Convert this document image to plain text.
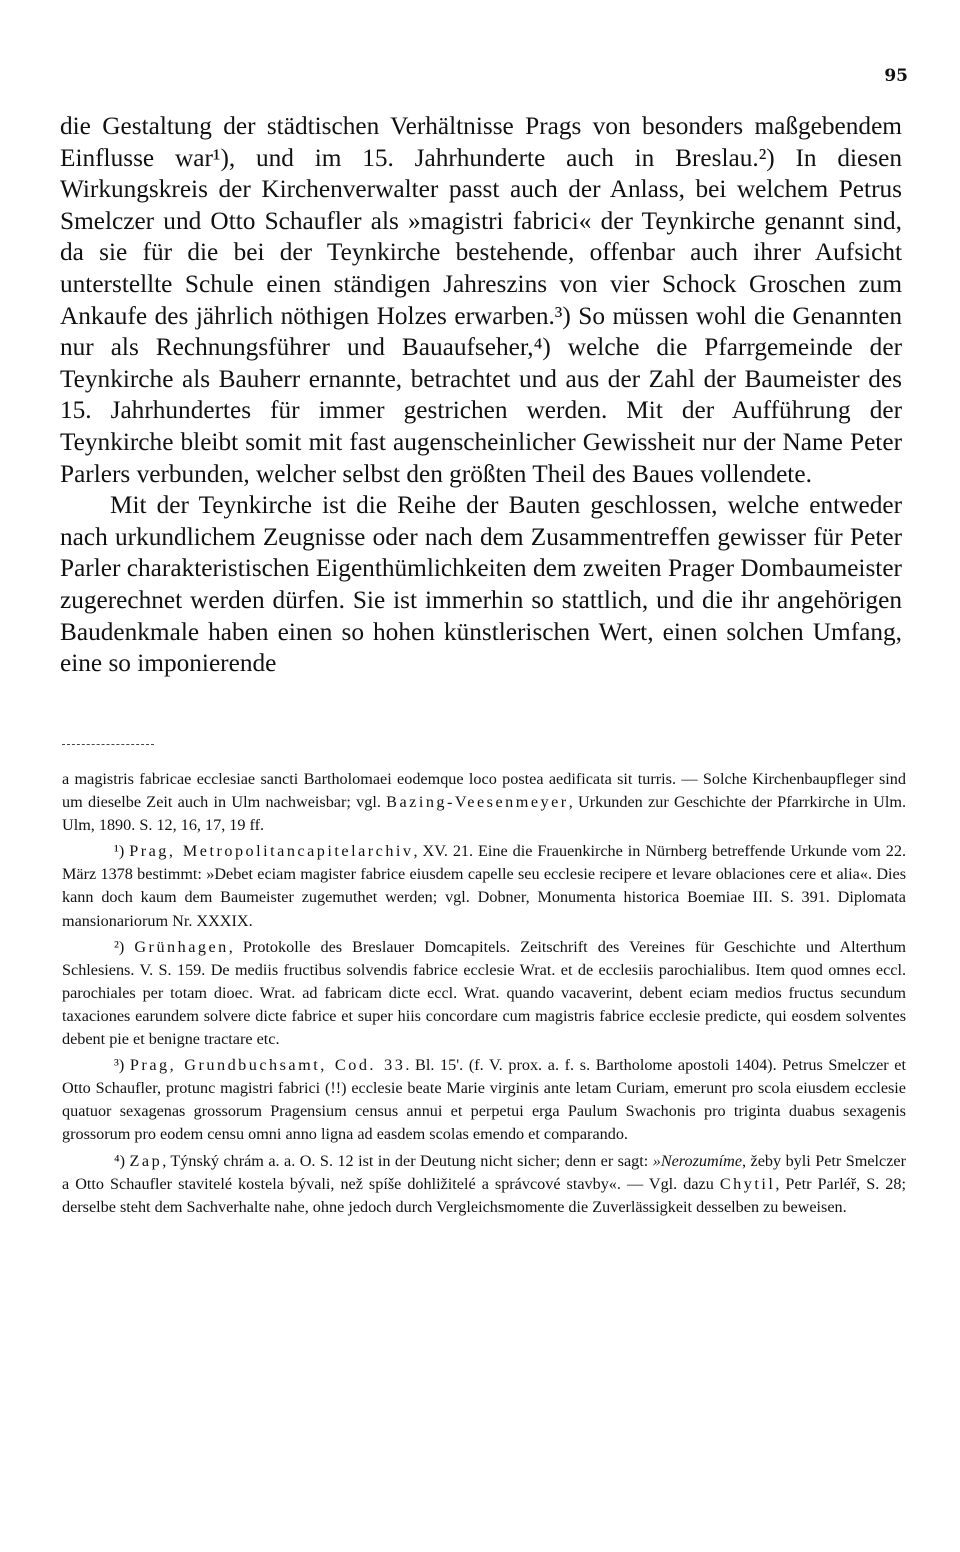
95

die Gestaltung der städtischen Verhältnisse Prags von besonders maßgebendem Einflusse war¹), und im 15. Jahrhunderte auch in Breslau.²) In diesen Wirkungskreis der Kirchenverwalter passt auch der Anlass, bei welchem Petrus Smelczer und Otto Schaufler als »magistri fabrici« der Teynkirche genannt sind, da sie für die bei der Teynkirche bestehende, offenbar auch ihrer Aufsicht unterstellte Schule einen ständigen Jahreszins von vier Schock Groschen zum Ankaufe des jährlich nöthigen Holzes erwarben.³) So müssen wohl die Genannten nur als Rechnungsführer und Bauaufseher,⁴) welche die Pfarrgemeinde der Teynkirche als Bauherr ernannte, betrachtet und aus der Zahl der Baumeister des 15. Jahrhundertes für immer gestrichen werden. Mit der Aufführung der Teynkirche bleibt somit mit fast augenscheinlicher Gewissheit nur der Name Peter Parlers verbunden, welcher selbst den größten Theil des Baues vollendete.

Mit der Teynkirche ist die Reihe der Bauten geschlossen, welche entweder nach urkundlichem Zeugnisse oder nach dem Zusammentreffen gewisser für Peter Parler charakteristischen Eigenthümlichkeiten dem zweiten Prager Dombaumeister zugerechnet werden dürfen. Sie ist immerhin so stattlich, und die ihr angehörigen Baudenkmale haben einen so hohen künstlerischen Wert, einen solchen Umfang, eine so imponierende

a magistris fabricae ecclesiae sancti Bartholomaei eodemque loco postea aedificata sit turris. — Solche Kirchenbaupfleger sind um dieselbe Zeit auch in Ulm nachweisbar; vgl. Bazing-Veesenmeyer, Urkunden zur Geschichte der Pfarrkirche in Ulm. Ulm, 1890. S. 12, 16, 17, 19 ff.

¹) Prag, Metropolitancapitelarchiv, XV. 21. Eine die Frauenkirche in Nürnberg betreffende Urkunde vom 22. März 1378 bestimmt: »Debet eciam magister fabrice eiusdem capelle seu ecclesie recipere et levare oblaciones cere et alia«. Dies kann doch kaum dem Baumeister zugemuthet werden; vgl. Dobner, Monumenta historica Boemiae III. S. 391. Diplomata mansionariorum Nr. XXXIX.

²) Grünhagen, Protokolle des Breslauer Domcapitels. Zeitschrift des Vereines für Geschichte und Alterthum Schlesiens. V. S. 159. De mediis fructibus solvendis fabrice ecclesie Wrat. et de ecclesiis parochialibus. Item quod omnes eccl. parochiales per totam dioec. Wrat. ad fabricam dicte eccl. Wrat. quando vacaverint, debent eciam medios fructus secundum taxaciones earundem solvere dicte fabrice et super hiis concordare cum magistris fabrice ecclesie predicte, qui eosdem solventes debent pie et benigne tractare etc.

³) Prag, Grundbuchsamt, Cod. 33. Bl. 15'. (f. V. prox. a. f. s. Bartholome apostoli 1404). Petrus Smelczer et Otto Schaufler, protunc magistri fabrici (!!) ecclesie beate Marie virginis ante letam Curiam, emerunt pro scola eiusdem ecclesie quatuor sexagenas grossorum Pragensium census annui et perpetui erga Paulum Swachonis pro triginta duabus sexagenis grossorum pro eodem censu omni anno ligna ad easdem scolas emendo et comparando.

⁴) Zap, Týnský chrám a. a. O. S. 12 ist in der Deutung nicht sicher; denn er sagt: »Nerozumíme, žeby byli Petr Smelczer a Otto Schaufler stavitelé kostela bývali, než spíše dohližitelé a správcové stavby«. — Vgl. dazu Chytil, Petr Parléř, S. 28; derselbe steht dem Sachverhalte nahe, ohne jedoch durch Vergleichsmomente die Zuverlässigkeit desselben zu beweisen.
